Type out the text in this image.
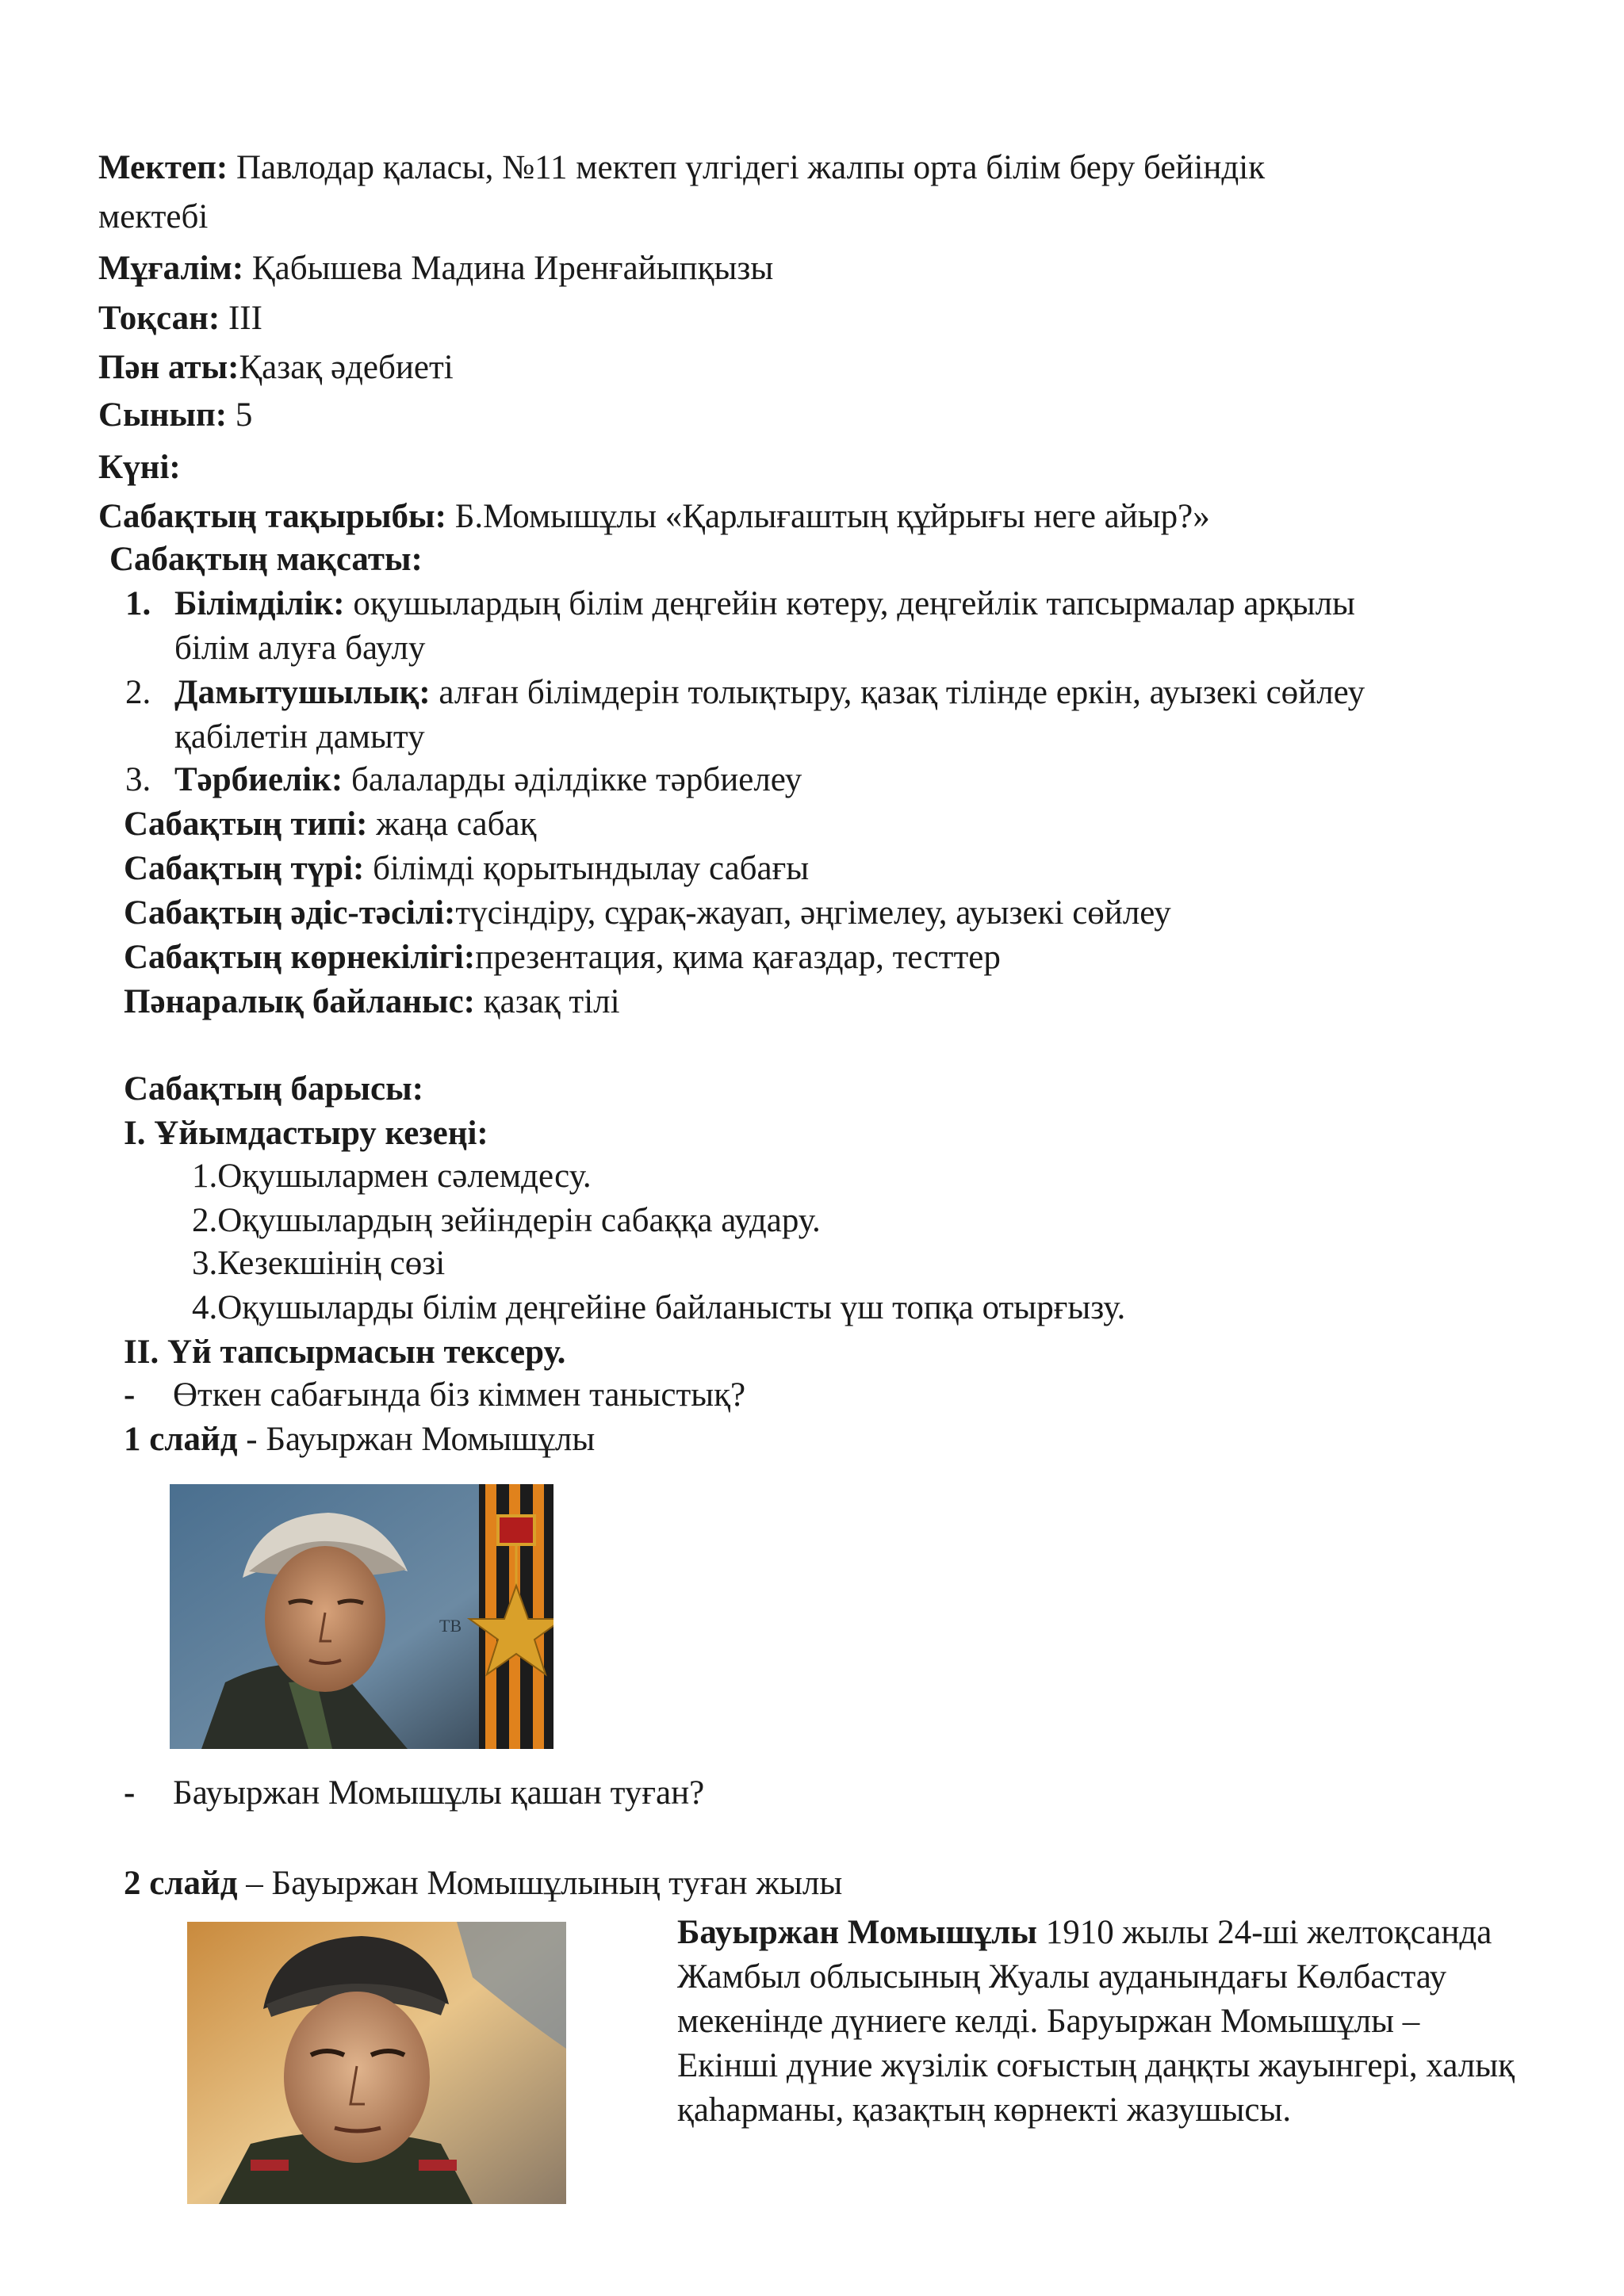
Мектеп: Павлодар қаласы, №11 мектеп үлгідегі жалпы орта білім беру бейіндік
мектебі
Мұғалім: Қабышева Мадина Иренғайыпқызы
Тоқсан: ІІІ
Пән аты:Қазақ әдебиеті
Сынып: 5
Күні:
Сабақтың тақырыбы: Б.Момышұлы «Қарлығаштың құйрығы неге айыр?»
Сабақтың мақсаты:
1. Білімділік: оқушылардың білім деңгейін көтеру, деңгейлік тапсырмалар арқылы
білім алуға баулу
2. Дамытушылық: алған білімдерін толықтыру, қазақ тілінде еркін, ауызекі сөйлеу
қабілетін дамыту
3. Тәрбиелік: балаларды әділдікке тәрбиелеу
Сабақтың типі: жаңа сабақ
Сабақтың түрі: білімді қорытындылау сабағы
Сабақтың әдіс-тәсілі:түсіндіру, сұрақ-жауап, әңгімелеу, ауызекі сөйлеу
Сабақтың көрнекілігі:презентация, қима қағаздар, тесттер
Пәнаралық байланыс: қазақ тілі
Сабақтың барысы:
І. Ұйымдастыру кезеңі:
1.Оқушылармен сәлемдесу.
2.Оқушылардың зейіндерін сабаққа аудару.
3.Кезекшінің сөзі
4.Оқушыларды білім деңгейіне байланысты үш топқа отырғызу.
ІІ. Үй тапсырмасын тексеру.
- Өткен сабағында біз кіммен таныстық?
1 слайд - Бауыржан Момышұлы
ТВ
- Бауыржан Момышұлы қашан туған?
2 слайд – Бауыржан Момышұлының туған жылы
Бауыржан Момышұлы 1910 жылы 24-ші желтоқсанда Жамбыл облысының Жуалы ауданындағы Көлбастау мекенінде дүниеге келді. Баруыржан Момышұлы – Екінші дүние жүзілік соғыстың даңқты жауынгері, халық қаһарманы, қазақтың көрнекті жазушысы.
